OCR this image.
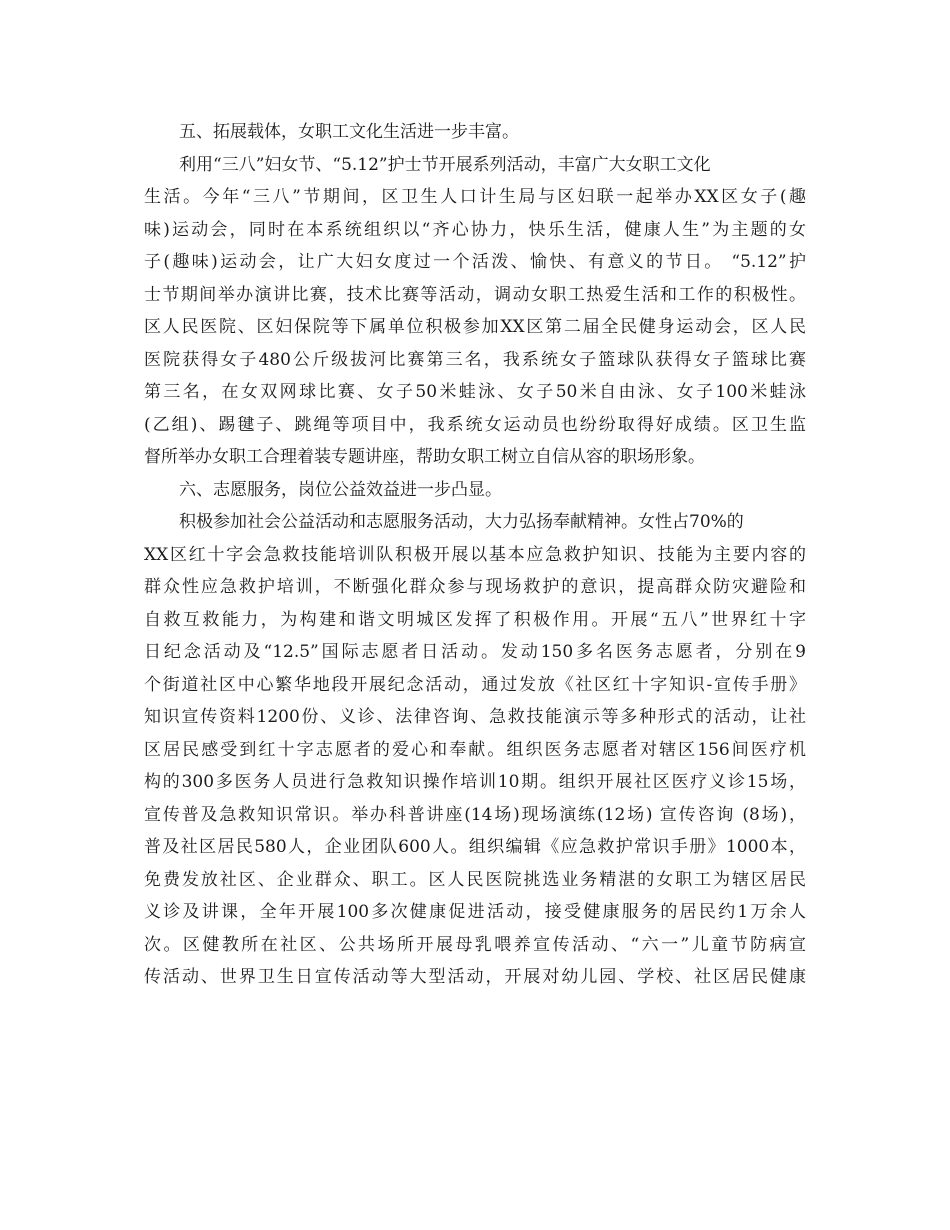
五、拓展载体，女职工文化生活进一步丰富。
利用“三八”妇女节、“5.12”护士节开展系列活动，丰富广大女职工文化
生活。今年“三八”节期间，区卫生人口计生局与区妇联一起举办XX区女子(趣
味)运动会，同时在本系统组织以“齐心协力，快乐生活，健康人生”为主题的女
子(趣味)运动会，让广大妇女度过一个活泼、愉快、有意义的节日。 “5.12”护
士节期间举办演讲比赛，技术比赛等活动，调动女职工热爱生活和工作的积极性。
区人民医院、区妇保院等下属单位积极参加XX区第二届全民健身运动会，区人民
医院获得女子480公斤级拔河比赛第三名，我系统女子篮球队获得女子篮球比赛
第三名，在女双网球比赛、女子50米蛙泳、女子50米自由泳、女子100米蛙泳
(乙组)、踢毽子、跳绳等项目中，我系统女运动员也纷纷取得好成绩。区卫生监
督所举办女职工合理着装专题讲座，帮助女职工树立自信从容的职场形象。
六、志愿服务，岗位公益效益进一步凸显。
积极参加社会公益活动和志愿服务活动，大力弘扬奉献精神。女性占70%的
XX区红十字会急救技能培训队积极开展以基本应急救护知识、技能为主要内容的
群众性应急救护培训，不断强化群众参与现场救护的意识，提高群众防灾避险和
自救互救能力，为构建和谐文明城区发挥了积极作用。开展“五八”世界红十字
日纪念活动及“12.5”国际志愿者日活动。发动150多名医务志愿者，分别在9
个街道社区中心繁华地段开展纪念活动，通过发放《社区红十字知识-宣传手册》
知识宣传资料1200份、义诊、法律咨询、急救技能演示等多种形式的活动，让社
区居民感受到红十字志愿者的爱心和奉献。组织医务志愿者对辖区156间医疗机
构的300多医务人员进行急救知识操作培训10期。组织开展社区医疗义诊15场，
宣传普及急救知识常识。举办科普讲座(14场)现场演练(12场) 宣传咨询 (8场)，
普及社区居民580人，企业团队600人。组织编辑《应急救护常识手册》1000本，
免费发放社区、企业群众、职工。区人民医院挑选业务精湛的女职工为辖区居民
义诊及讲课，全年开展100多次健康促进活动，接受健康服务的居民约1万余人
次。区健教所在社区、公共场所开展母乳喂养宣传活动、“六一”儿童节防病宣
传活动、世界卫生日宣传活动等大型活动，开展对幼儿园、学校、社区居民健康
